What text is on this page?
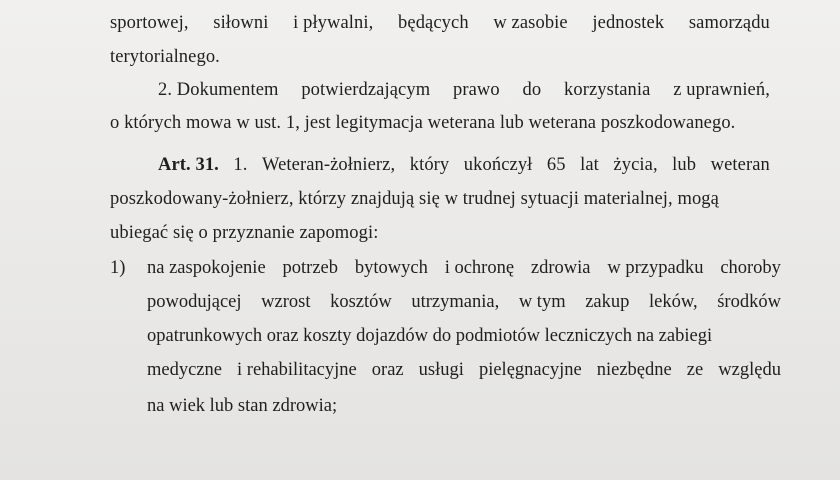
sportowej, siłowni i pływalni, będących w zasobie jednostek samorządu
terytorialnego.
2. Dokumentem potwierdzającym prawo do korzystania z uprawnień,
o których mowa w ust. 1, jest legitymacja weterana lub weterana poszkodowanego.
Art. 31. 1. Weteran-żołnierz, który ukończył 65 lat życia, lub weteran
poszkodowany-żołnierz, którzy znajdują się w trudnej sytuacji materialnej, mogą
ubiegać się o przyznanie zapomogi:
1) na zaspokojenie potrzeb bytowych i ochronę zdrowia w przypadku choroby
powodującej wzrost kosztów utrzymania, w tym zakup leków, środków
opatrunkowych oraz koszty dojazdów do podmiotów leczniczych na zabiegi
medyczne i rehabilitacyjne oraz usługi pielęgnacyjne niezbędne ze względu
na wiek lub stan zdrowia;
